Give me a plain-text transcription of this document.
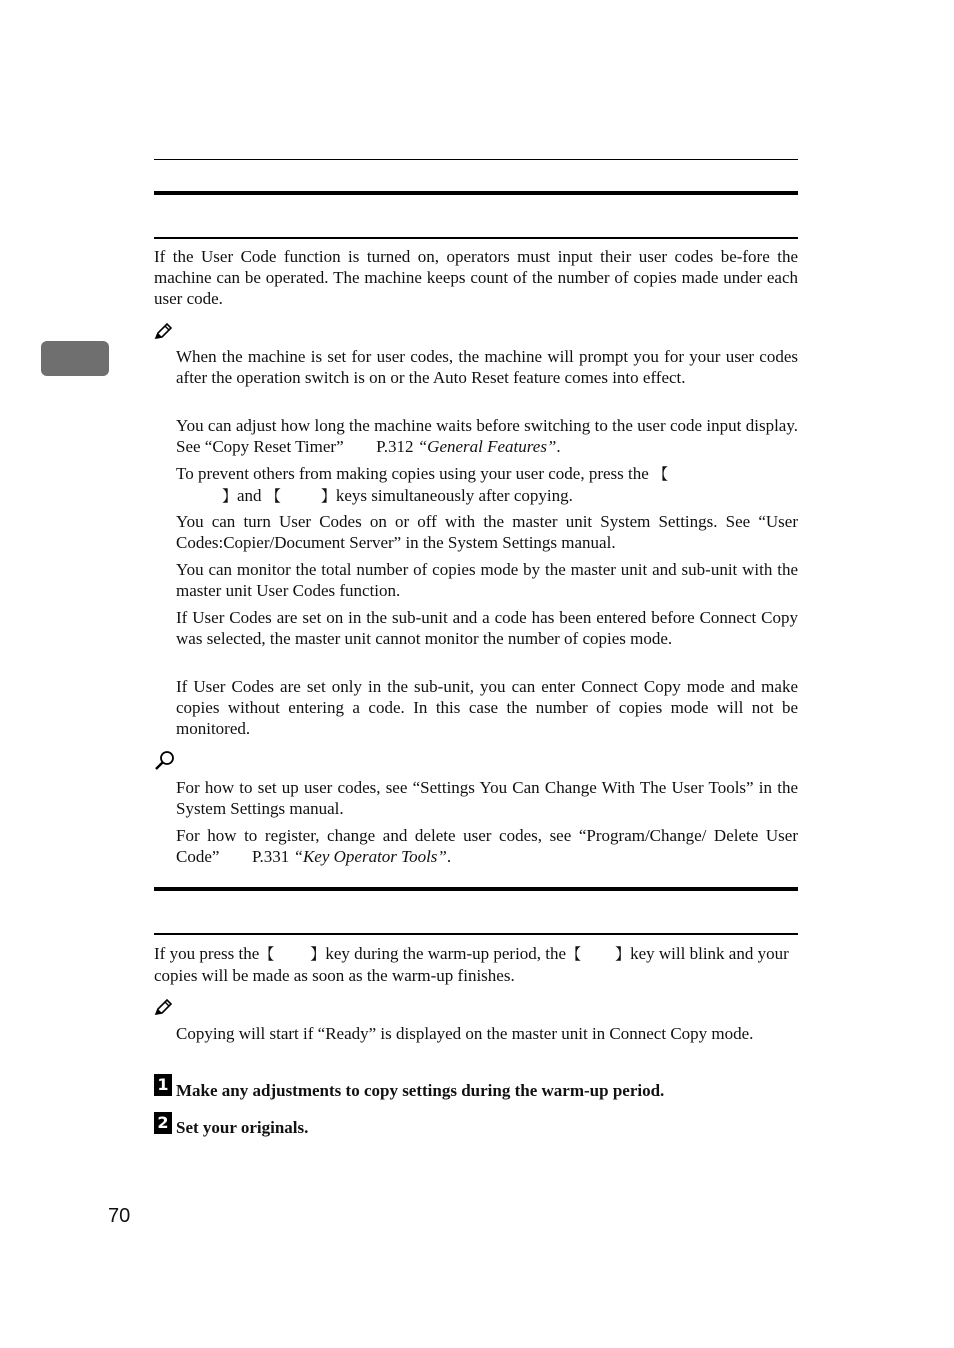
If the User Code function is turned on, operators must input their user codes be-fore the machine can be operated. The machine keeps count of the number of copies made under each user code.

When the machine is set for user codes, the machine will prompt you for your user codes after the operation switch is on or the Auto Reset feature comes into effect.

You can adjust how long the machine waits before switching to the user code input display. See “Copy Reset Timer” P.312 “General Features”.

To prevent others from making copies using your user code, press the 【
】and 【	】keys simultaneously after copying.

You can turn User Codes on or off with the master unit System Settings. See “User Codes:Copier/Document Server” in the System Settings manual.

You can monitor the total number of copies mode by the master unit and sub-unit with the master unit User Codes function.

If User Codes are set on in the sub-unit and a code has been entered before Connect Copy was selected, the master unit cannot monitor the number of copies mode.

If User Codes are set only in the sub-unit, you can enter Connect Copy mode and make copies without entering a code. In this case the number of copies mode will not be monitored.

For how to set up user codes, see “Settings You Can Change With The User Tools” in the System Settings manual.

For how to register, change and delete user codes, see “Program/Change/ Delete User Code” P.331 “Key Operator Tools”.

If you press the【 】key during the warm-up period, the【 】key will blink and your copies will be made as soon as the warm-up finishes.

Copying will start if “Ready” is displayed on the master unit in Connect Copy mode.

1 Make any adjustments to copy settings during the warm-up period.

2 Set your originals.

70
